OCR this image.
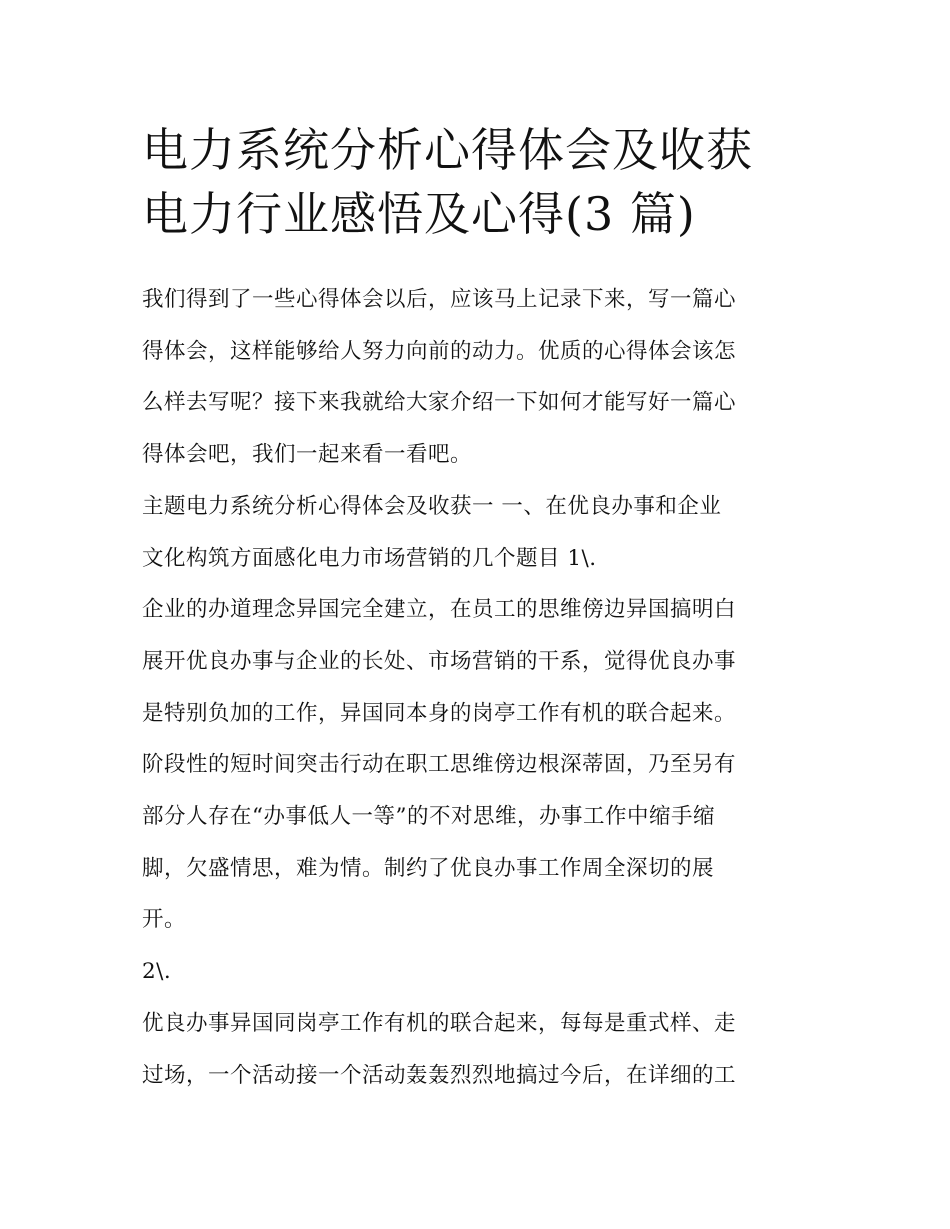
电力系统分析心得体会及收获
电力行业感悟及心得(3 篇)

我们得到了一些心得体会以后，应该马上记录下来，写一篇心
得体会，这样能够给人努力向前的动力。优质的心得体会该怎
么样去写呢？接下来我就给大家介绍一下如何才能写好一篇心
得体会吧，我们一起来看一看吧。

主题电力系统分析心得体会及收获一 一、在优良办事和企业
文化构筑方面感化电力市场营销的几个题目 1\.

企业的办道理念异国完全建立，在员工的思维傍边异国搞明白
展开优良办事与企业的长处、市场营销的干系，觉得优良办事
是特别负加的工作，异国同本身的岗亭工作有机的联合起来。
阶段性的短时间突击行动在职工思维傍边根深蒂固，乃至另有
部分人存在“办事低人一等”的不对思维，办事工作中缩手缩
脚，欠盛情思，难为情。制约了优良办事工作周全深切的展
开。

2\.

优良办事异国同岗亭工作有机的联合起来，每每是重式样、走
过场，一个活动接一个活动轰轰烈烈地搞过今后，在详细的工
